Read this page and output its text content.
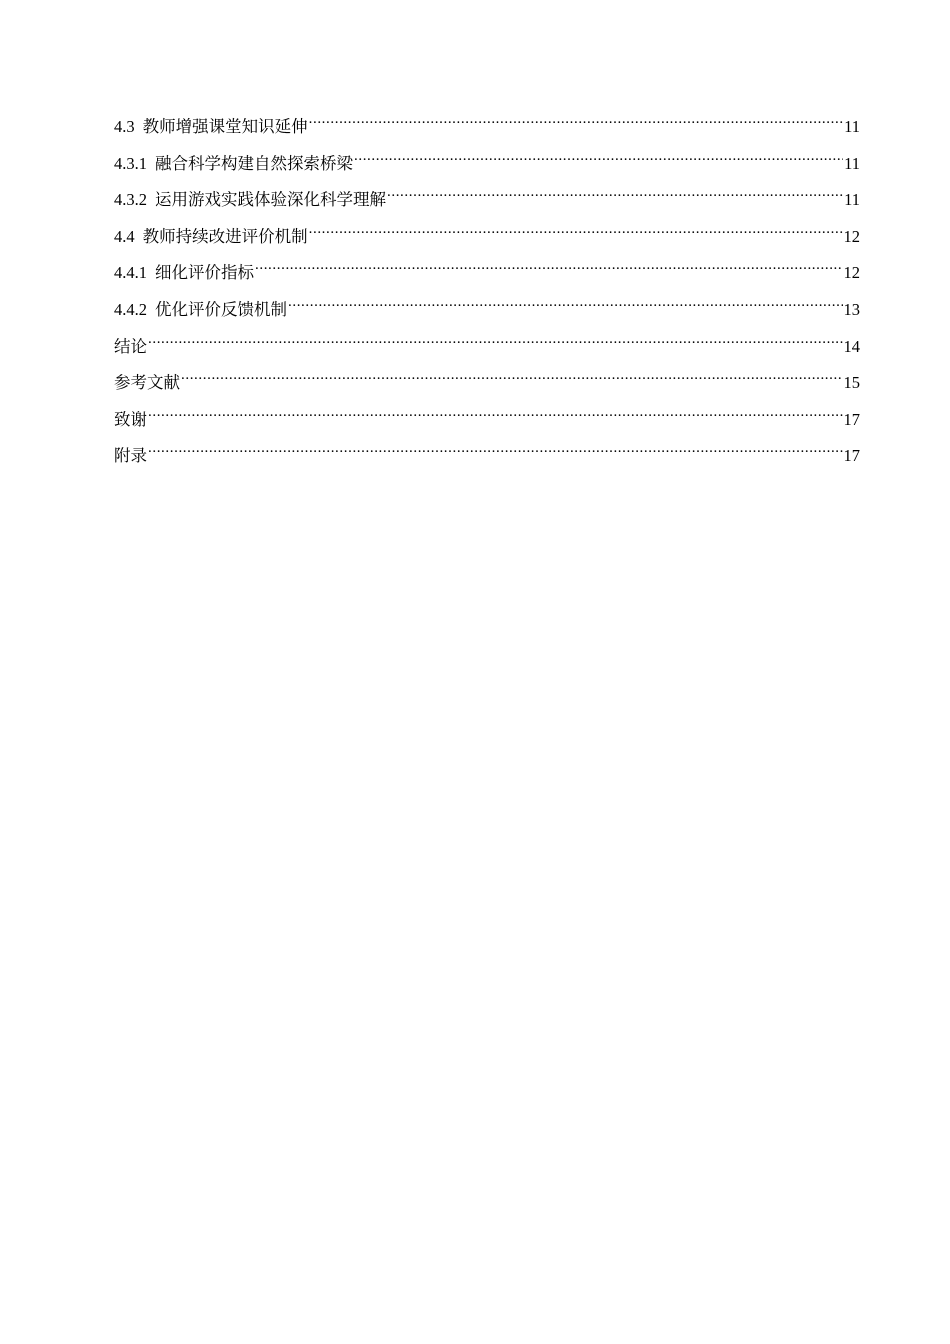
4.3 教师增强课堂知识延伸 .....	11
4.3.1 融合科学构建自然探索桥梁 .....	11
4.3.2 运用游戏实践体验深化科学理解 .....	11
4.4 教师持续改进评价机制 .....	12
4.4.1 细化评价指标 .....	12
4.4.2 优化评价反馈机制 .....	13
结论 .....	14
参考文献 .....	15
致谢 .....	17
附录 .....	17
